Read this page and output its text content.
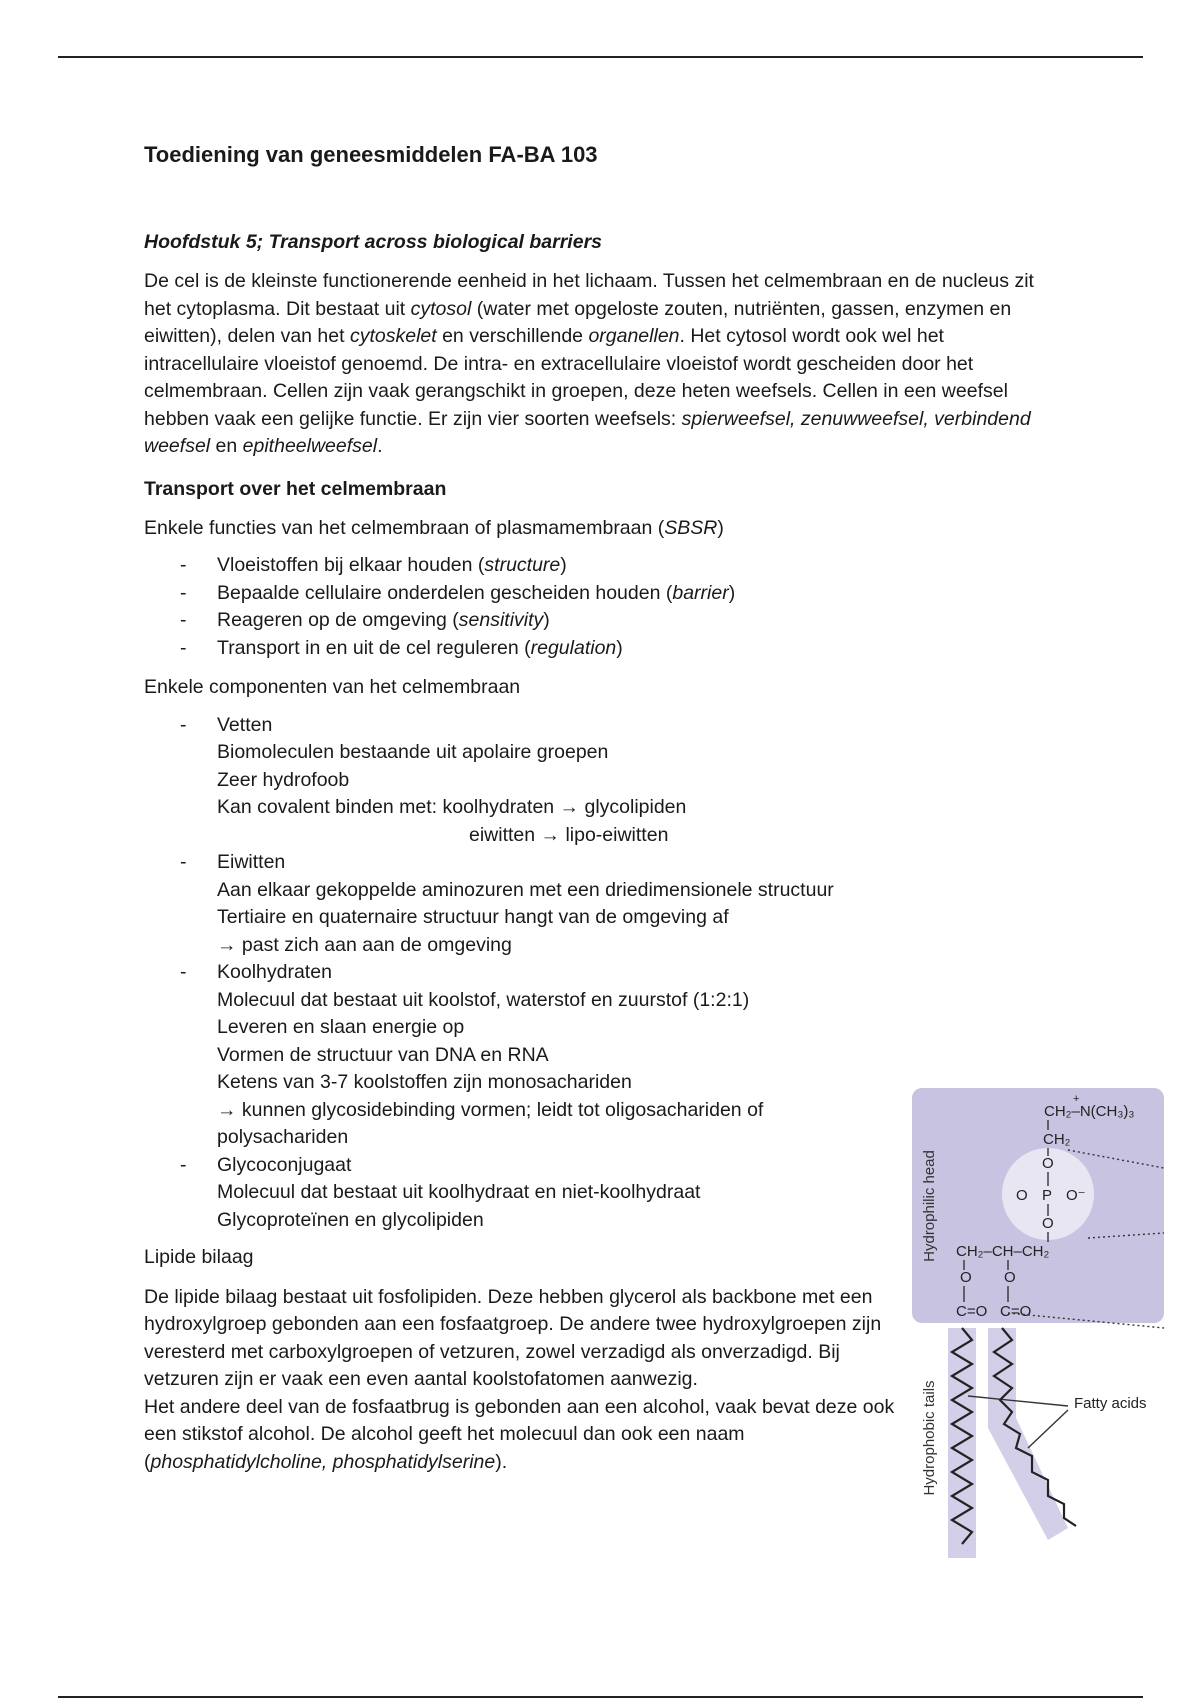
Toediening van geneesmiddelen FA-BA 103
Hoofdstuk 5; Transport across biological barriers

De cel is de kleinste functionerende eenheid in het lichaam. Tussen het celmembraan en de nucleus zit het cytoplasma. Dit bestaat uit cytosol (water met opgeloste zouten, nutriënten, gassen, enzymen en eiwitten), delen van het cytoskelet en verschillende organellen. Het cytosol wordt ook wel het intracellulaire vloeistof genoemd. De intra- en extracellulaire vloeistof wordt gescheiden door het celmembraan. Cellen zijn vaak gerangschikt in groepen, deze heten weefsels. Cellen in een weefsel hebben vaak een gelijke functie. Er zijn vier soorten weefsels: spierweefsel, zenuwweefsel, verbindend weefsel en epitheelweefsel.

Transport over het celmembraan

Enkele functies van het celmembraan of plasmamembraan (SBSR)

- Vloeistoffen bij elkaar houden (structure)
- Bepaalde cellulaire onderdelen gescheiden houden (barrier)
- Reageren op de omgeving (sensitivity)
- Transport in en uit de cel reguleren (regulation)

Enkele componenten van het celmembraan

- Vetten
Biomoleculen bestaande uit apolaire groepen
Zeer hydrofoob
Kan covalent binden met: koolhydraten → glycolipiden
eiwitten → lipo-eiwitten
- Eiwitten
Aan elkaar gekoppelde aminozuren met een driedimensionele structuur
Tertiaire en quaternaire structuur hangt van de omgeving af
→ past zich aan aan de omgeving
- Koolhydraten
Molecuul dat bestaat uit koolstof, waterstof en zuurstof (1:2:1)
Leveren en slaan energie op
Vormen de structuur van DNA en RNA
Ketens van 3-7 koolstoffen zijn monosachariden
→ kunnen glycosidebinding vormen; leidt tot oligosachariden of polysachariden
- Glycoconjugaat
Molecuul dat bestaat uit koolhydraat en niet-koolhydraat
Glycoproteïnen en glycolipiden

Lipide bilaag

De lipide bilaag bestaat uit fosfolipiden. Deze hebben glycerol als backbone met een hydroxylgroep gebonden aan een fosfaatgroep. De andere twee hydroxylgroepen zijn veresterd met carboxylgroepen of vetzuren, zowel verzadigd als onverzadigd. Bij vetzuren zijn er vaak een even aantal koolstofatomen aanwezig.

Het andere deel van de fosfaatbrug is gebonden aan een alcohol, vaak bevat deze ook een stikstof alcohol. De alcohol geeft het molecuul dan ook een naam (phosphatidylcholine, phosphatidylserine).

Hydrophilic head
Hydrophobic tails
CH₂–N(CH₃)₃
+
CH₂
O
O P O⁻
O
CH₂–CH–CH₂
O O
C=O C=O
Fatty acids
